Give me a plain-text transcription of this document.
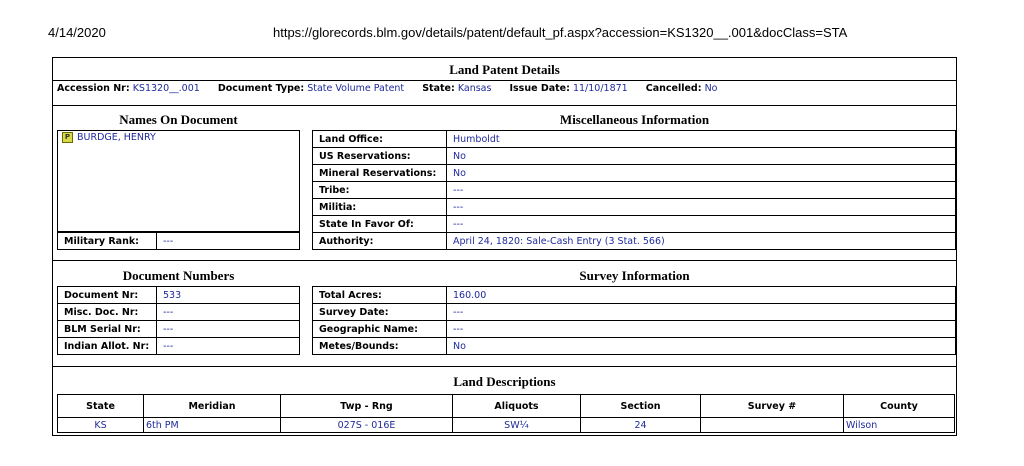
4/14/2020	https://glorecords.blm.gov/details/patent/default_pf.aspx?accession=KS1320__.001&docClass=STA
Land Patent Details
Accession Nr: KS1320__.001 Document Type: State Volume Patent State: Kansas Issue Date: 11/10/1871 Cancelled: No
Names On Document
P BURDGE, HENRY
Military Rank:	---
Miscellaneous Information
Land Office:	Humboldt
US Reservations:	No
Mineral Reservations:	No
Tribe:	---
Militia:	---
State In Favor Of:	---
Authority:	April 24, 1820: Sale-Cash Entry (3 Stat. 566)
Document Numbers
Document Nr:	533
Misc. Doc. Nr:	---
BLM Serial Nr:	---
Indian Allot. Nr:	---
Survey Information
Total Acres:	160.00
Survey Date:	---
Geographic Name:	---
Metes/Bounds:	No
Land Descriptions
State	Meridian	Twp - Rng	Aliquots	Section	Survey #	County
KS	6th PM	027S - 016E	SW¼	24		Wilson
